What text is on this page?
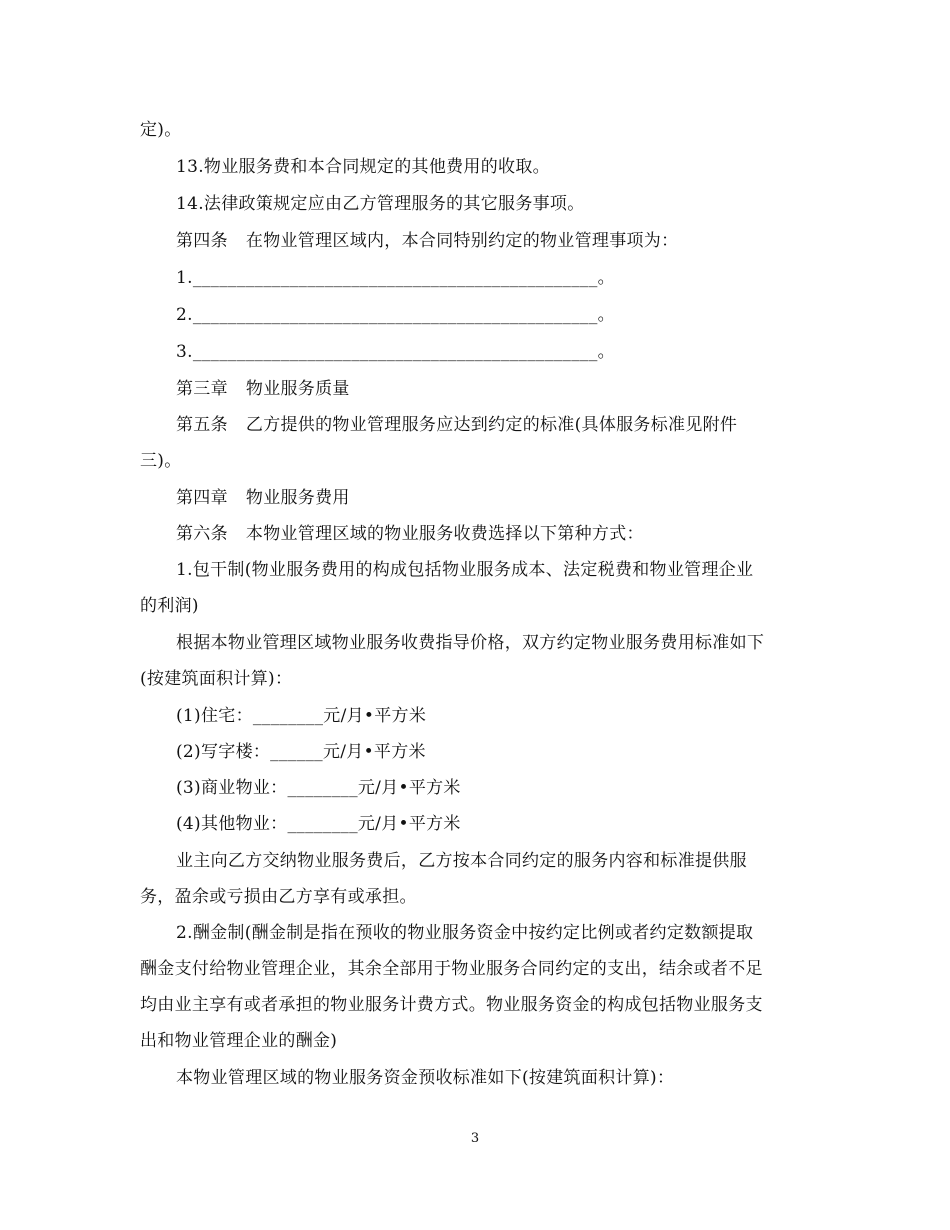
定)。
13.物业服务费和本合同规定的其他费用的收取。
14.法律政策规定应由乙方管理服务的其它服务事项。
第四条 在物业管理区域内，本合同特别约定的物业管理事项为：
1.______________________________________________。
2.______________________________________________。
3.______________________________________________。
第三章 物业服务质量
第五条 乙方提供的物业管理服务应达到约定的标准(具体服务标准见附件
三)。
第四章 物业服务费用
第六条 本物业管理区域的物业服务收费选择以下第种方式：
1.包干制(物业服务费用的构成包括物业服务成本、法定税费和物业管理企业
的利润)
根据本物业管理区域物业服务收费指导价格，双方约定物业服务费用标准如下
(按建筑面积计算)：
(1)住宅：________元/月•平方米
(2)写字楼：______元/月•平方米
(3)商业物业：________元/月•平方米
(4)其他物业：________元/月•平方米
业主向乙方交纳物业服务费后，乙方按本合同约定的服务内容和标准提供服
务，盈余或亏损由乙方享有或承担。
2.酬金制(酬金制是指在预收的物业服务资金中按约定比例或者约定数额提取
酬金支付给物业管理企业，其余全部用于物业服务合同约定的支出，结余或者不足
均由业主享有或者承担的物业服务计费方式。物业服务资金的构成包括物业服务支
出和物业管理企业的酬金)
本物业管理区域的物业服务资金预收标准如下(按建筑面积计算)：
3
